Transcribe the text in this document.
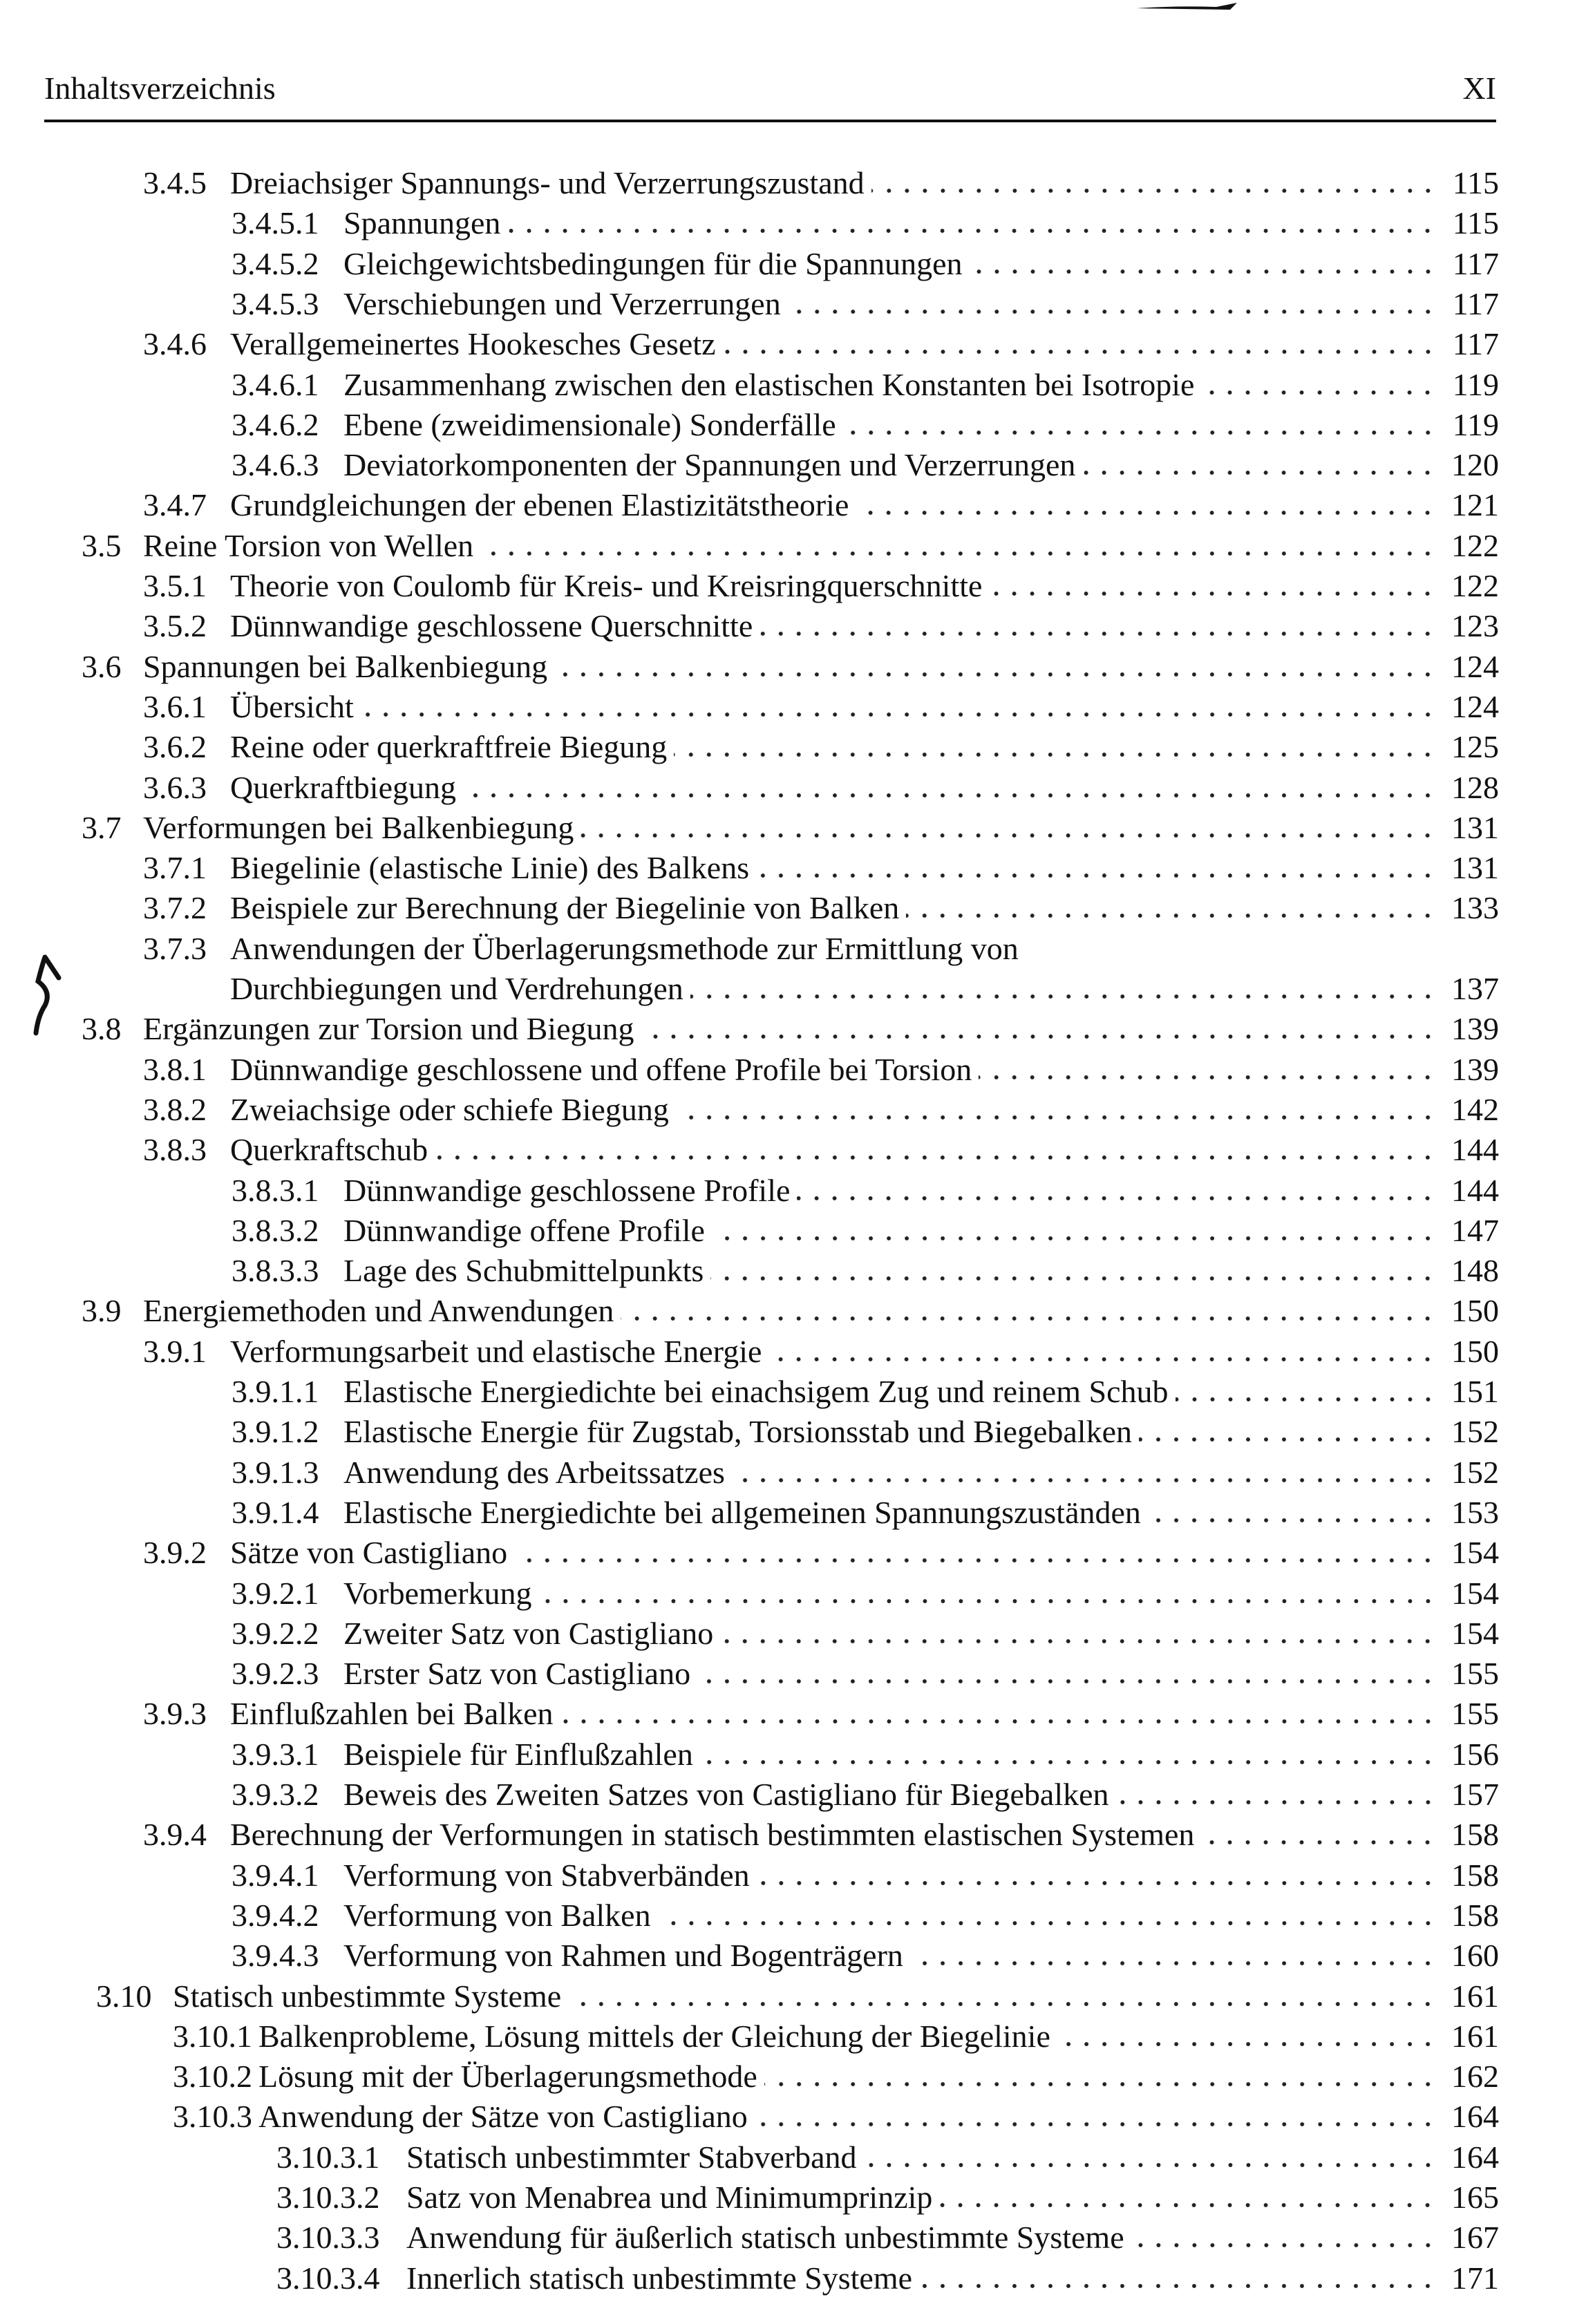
Inhaltsverzeichnis	XI
3.4.5 Dreiachsiger Spannungs- und Verzerrungszustand	115
3.4.5.1 Spannungen	115
3.4.5.2 Gleichgewichtsbedingungen für die Spannungen	117
3.4.5.3 Verschiebungen und Verzerrungen	117
3.4.6 Verallgemeinertes Hookesches Gesetz	117
3.4.6.1 Zusammenhang zwischen den elastischen Konstanten bei Isotropie	119
3.4.6.2 Ebene (zweidimensionale) Sonderfälle	119
3.4.6.3 Deviatorkomponenten der Spannungen und Verzerrungen	120
3.4.7 Grundgleichungen der ebenen Elastizitätstheorie	121
3.5 Reine Torsion von Wellen	122
3.5.1 Theorie von Coulomb für Kreis- und Kreisringquerschnitte	122
3.5.2 Dünnwandige geschlossene Querschnitte	123
3.6 Spannungen bei Balkenbiegung	124
3.6.1 Übersicht	124
3.6.2 Reine oder querkraftfreie Biegung	125
3.6.3 Querkraftbiegung	128
3.7 Verformungen bei Balkenbiegung	131
3.7.1 Biegelinie (elastische Linie) des Balkens	131
3.7.2 Beispiele zur Berechnung der Biegelinie von Balken	133
3.7.3 Anwendungen der Überlagerungsmethode zur Ermittlung von
Durchbiegungen und Verdrehungen	137
3.8 Ergänzungen zur Torsion und Biegung	139
3.8.1 Dünnwandige geschlossene und offene Profile bei Torsion	139
3.8.2 Zweiachsige oder schiefe Biegung	142
3.8.3 Querkraftschub	144
3.8.3.1 Dünnwandige geschlossene Profile	144
3.8.3.2 Dünnwandige offene Profile	147
3.8.3.3 Lage des Schubmittelpunkts	148
3.9 Energiemethoden und Anwendungen	150
3.9.1 Verformungsarbeit und elastische Energie	150
3.9.1.1 Elastische Energiedichte bei einachsigem Zug und reinem Schub	151
3.9.1.2 Elastische Energie für Zugstab, Torsionsstab und Biegebalken	152
3.9.1.3 Anwendung des Arbeitssatzes	152
3.9.1.4 Elastische Energiedichte bei allgemeinen Spannungszuständen	153
3.9.2 Sätze von Castigliano	154
3.9.2.1 Vorbemerkung	154
3.9.2.2 Zweiter Satz von Castigliano	154
3.9.2.3 Erster Satz von Castigliano	155
3.9.3 Einflußzahlen bei Balken	155
3.9.3.1 Beispiele für Einflußzahlen	156
3.9.3.2 Beweis des Zweiten Satzes von Castigliano für Biegebalken	157
3.9.4 Berechnung der Verformungen in statisch bestimmten elastischen Systemen	158
3.9.4.1 Verformung von Stabverbänden	158
3.9.4.2 Verformung von Balken	158
3.9.4.3 Verformung von Rahmen und Bogenträgern	160
3.10 Statisch unbestimmte Systeme	161
3.10.1 Balkenprobleme, Lösung mittels der Gleichung der Biegelinie	161
3.10.2 Lösung mit der Überlagerungsmethode	162
3.10.3 Anwendung der Sätze von Castigliano	164
3.10.3.1 Statisch unbestimmter Stabverband	164
3.10.3.2 Satz von Menabrea und Minimumprinzip	165
3.10.3.3 Anwendung für äußerlich statisch unbestimmte Systeme	167
3.10.3.4 Innerlich statisch unbestimmte Systeme	171
